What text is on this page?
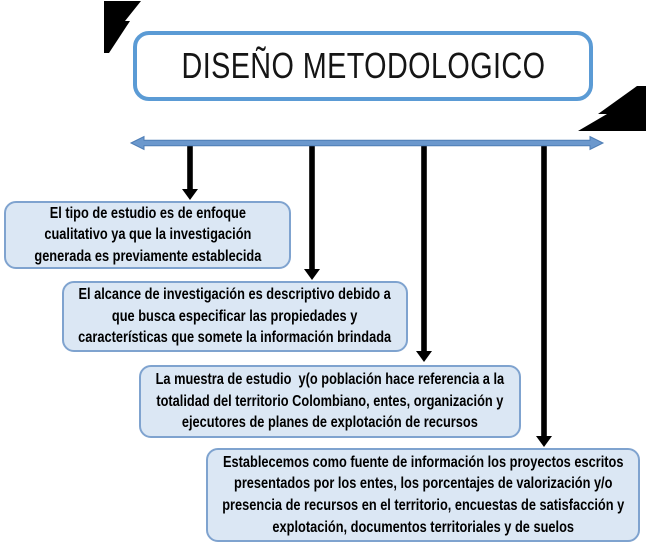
DISEÑO METODOLOGICO
El tipo de estudio es de enfoque
cualitativo ya que la investigación
generada es previamente establecida
El alcance de investigación es descriptivo debido a
que busca especificar las propiedades y
características que somete la información brindada
La muestra de estudio  y(o población hace referencia a la
totalidad del territorio Colombiano, entes, organización y
ejecutores de planes de explotación de recursos
Establecemos como fuente de información los proyectos escritos
presentados por los entes, los porcentajes de valorización y/o
presencia de recursos en el territorio, encuestas de satisfacción y
explotación, documentos territoriales y de suelos
